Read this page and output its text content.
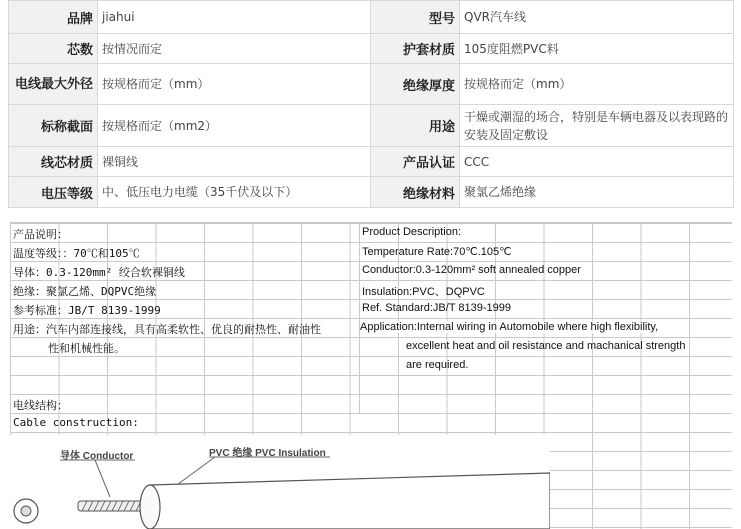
品牌	jiahui	型号	QVR汽车线
芯数	按情况而定	护套材质	105度阻燃PVC料
电线最大外径	按规格而定（mm）	绝缘厚度	按规格而定（mm）
标称截面	按规格而定（mm2）	用途	干燥或潮湿的场合，特别是车辆电器及以表现路的安装及固定敷设
线芯材质	裸铜线	产品认证	CCC
电压等级	中、低压电力电缆（35千伏及以下）	绝缘材料	聚氯乙烯绝缘
产品说明：
温度等级：：70℃和105℃
导体：0.3-120mm² 绞合软裸铜线
绝缘：聚氯乙烯、DQPVC绝缘
参考标准：JB/T 8139-1999
用途：汽车内部连接线，具有高柔软性、优良的耐热性、耐油性
性和机械性能。
Product Description:
Temperature Rate:70℃.105℃
Conductor:0.3-120mm² soft annealed copper
Insulation:PVC、DQPVC
Ref. Standard:JB/T 8139-1999
Application:Internal wiring in Automobile where high flexibility,
excellent heat and oil resistance and machanical strength
are required.
电线结构：
Cable construction:
导体 Conductor	PVC 绝缘 PVC Insulation
